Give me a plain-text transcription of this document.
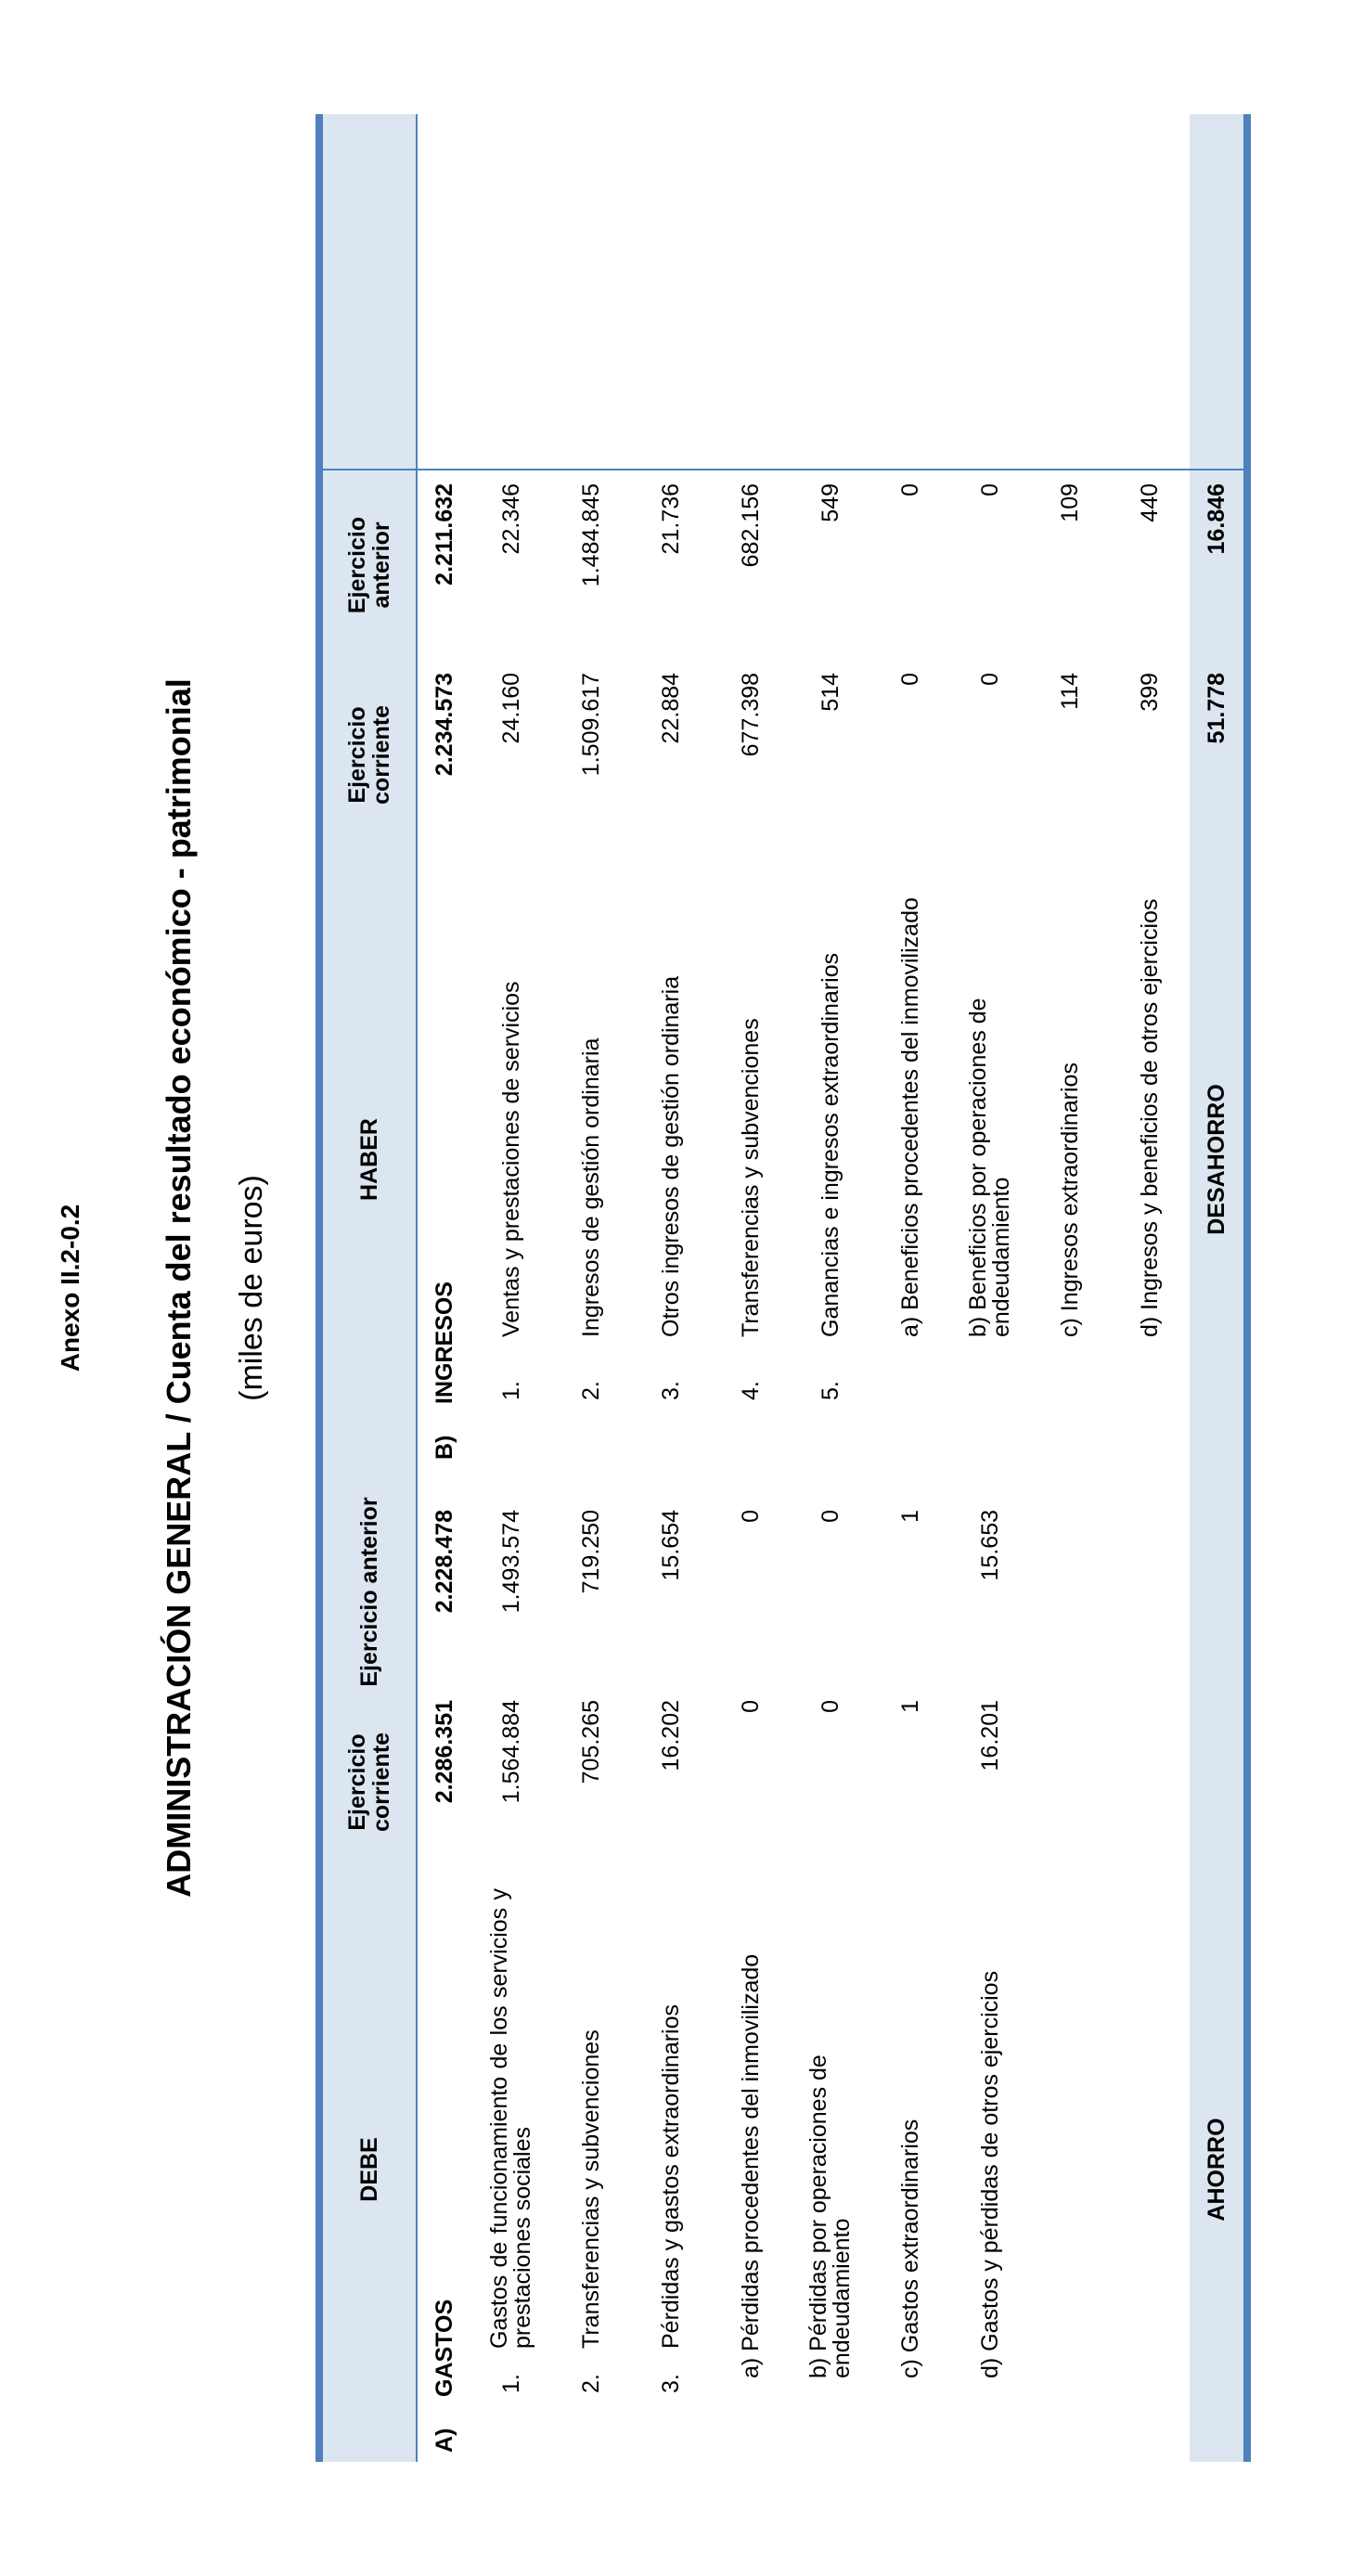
Anexo II.2-0.2 ADMINISTRACIÓN GENERAL / Cuenta del resultado económico - patrimonial (miles de euros)
DEBE			Ejercicio corriente	Ejercicio anterior		HABER			Ejercicio corriente	Ejercicio anterior	
A)	GASTOS		2.286.351	2.228.478		B)	INGRESOS		2.234.573	2.211.632	
	1.	Gastos de funcionamiento de los servicios y prestaciones sociales	1.564.884	1.493.574			1.	Ventas y prestaciones de servicios	24.160	22.346	
	2.	Transferencias y subvenciones	705.265	719.250			2.	Ingresos de gestión ordinaria	1.509.617	1.484.845	
	3.	Pérdidas y gastos extraordinarios	16.202	15.654			3.	Otros ingresos de gestión ordinaria	22.884	21.736	
	a) Pérdidas procedentes del inmovilizado		0	0			4.	Transferencias y subvenciones	677.398	682.156	
	b) Pérdidas por operaciones de endeudamiento		0	0			5.	Ganancias e ingresos extraordinarios	514	549	
	c) Gastos extraordinarios		1	1				a) Beneficios procedentes del inmovilizado	0	0	
	d) Gastos y pérdidas de otros ejercicios		16.201	15.653				b) Beneficios por operaciones de endeudamiento	0	0	
								c) Ingresos extraordinarios	114	109	
								d) Ingresos y beneficios de otros ejercicios	399	440	
AHORRO						DESAHORRO			51.778	16.846	
